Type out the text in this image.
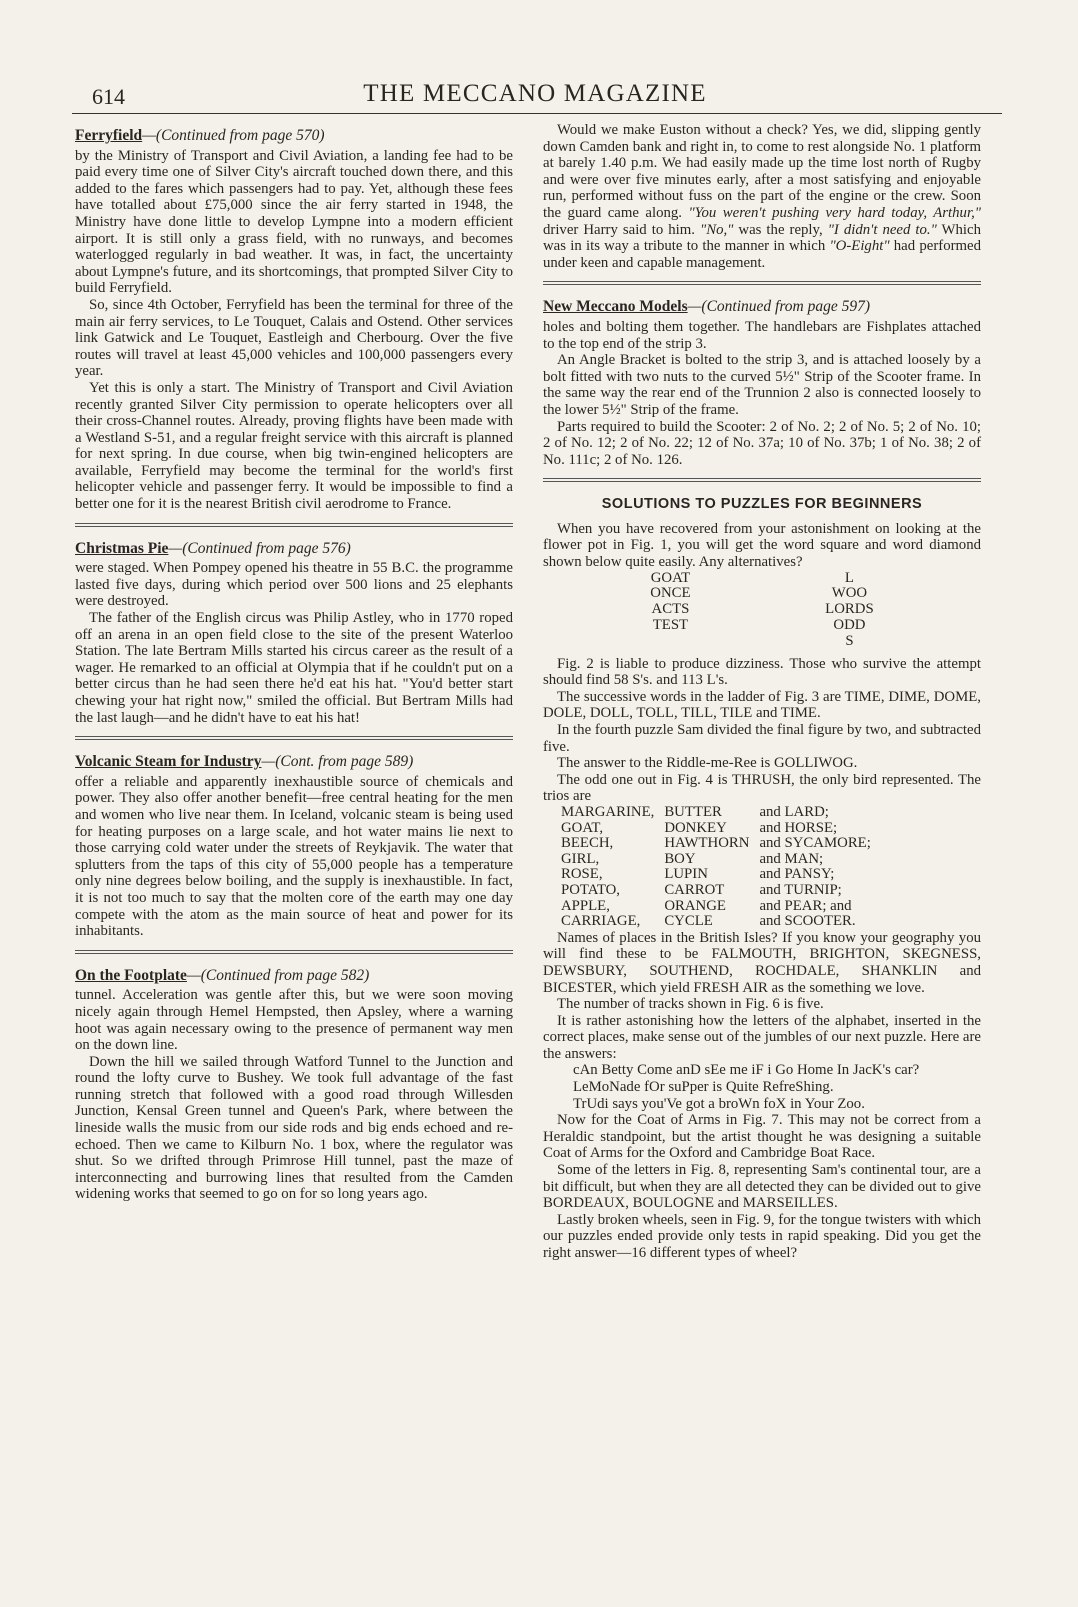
614	THE MECCANO MAGAZINE
Ferryfield—(Continued from page 570)

by the Ministry of Transport and Civil Aviation, a landing fee had to be paid every time one of Silver City's aircraft touched down there, and this added to the fares which passengers had to pay. Yet, although these fees have totalled about £75,000 since the air ferry started in 1948, the Ministry have done little to develop Lympne into a modern efficient airport. It is still only a grass field, with no runways, and becomes waterlogged regularly in bad weather. It was, in fact, the uncertainty about Lympne's future, and its shortcomings, that prompted Silver City to build Ferryfield.

So, since 4th October, Ferryfield has been the terminal for three of the main air ferry services, to Le Touquet, Calais and Ostend. Other services link Gatwick and Le Touquet, Eastleigh and Cherbourg. Over the five routes will travel at least 45,000 vehicles and 100,000 passengers every year.

Yet this is only a start. The Ministry of Transport and Civil Aviation recently granted Silver City permission to operate helicopters over all their cross-Channel routes. Already, proving flights have been made with a Westland S-51, and a regular freight service with this aircraft is planned for next spring. In due course, when big twin-engined helicopters are available, Ferryfield may become the terminal for the world's first helicopter vehicle and passenger ferry. It would be impossible to find a better one for it is the nearest British civil aerodrome to France.

Christmas Pie—(Continued from page 576)

were staged. When Pompey opened his theatre in 55 B.C. the programme lasted five days, during which period over 500 lions and 25 elephants were destroyed.

The father of the English circus was Philip Astley, who in 1770 roped off an arena in an open field close to the site of the present Waterloo Station. The late Bertram Mills started his circus career as the result of a wager. He remarked to an official at Olympia that if he couldn't put on a better circus than he had seen there he'd eat his hat. "You'd better start chewing your hat right now," smiled the official. But Bertram Mills had the last laugh—and he didn't have to eat his hat!

Volcanic Steam for Industry—(Cont. from page 589)

offer a reliable and apparently inexhaustible source of chemicals and power. They also offer another benefit—free central heating for the men and women who live near them. In Iceland, volcanic steam is being used for heating purposes on a large scale, and hot water mains lie next to those carrying cold water under the streets of Reykjavik. The water that splutters from the taps of this city of 55,000 people has a temperature only nine degrees below boiling, and the supply is inexhaustible. In fact, it is not too much to say that the molten core of the earth may one day compete with the atom as the main source of heat and power for its inhabitants.

On the Footplate—(Continued from page 582)

tunnel. Acceleration was gentle after this, but we were soon moving nicely again through Hemel Hempsted, then Apsley, where a warning hoot was again necessary owing to the presence of permanent way men on the down line.

Down the hill we sailed through Watford Tunnel to the Junction and round the lofty curve to Bushey. We took full advantage of the fast running stretch that followed with a good road through Willesden Junction, Kensal Green tunnel and Queen's Park, where between the lineside walls the music from our side rods and big ends echoed and re-echoed. Then we came to Kilburn No. 1 box, where the regulator was shut. So we drifted through Primrose Hill tunnel, past the maze of interconnecting and burrowing lines that resulted from the Camden widening works that seemed to go on for so long years ago.

Would we make Euston without a check? Yes, we did, slipping gently down Camden bank and right in, to come to rest alongside No. 1 platform at barely 1.40 p.m. We had easily made up the time lost north of Rugby and were over five minutes early, after a most satisfying and enjoyable run, performed without fuss on the part of the engine or the crew. Soon the guard came along. "You weren't pushing very hard today, Arthur," driver Harry said to him. "No," was the reply, "I didn't need to." Which was in its way a tribute to the manner in which "O-Eight" had performed under keen and capable management.

New Meccano Models—(Continued from page 597)

holes and bolting them together. The handlebars are Fishplates attached to the top end of the strip 3.

An Angle Bracket is bolted to the strip 3, and is attached loosely by a bolt fitted with two nuts to the curved 5½" Strip of the Scooter frame. In the same way the rear end of the Trunnion 2 also is connected loosely to the lower 5½" Strip of the frame.

Parts required to build the Scooter: 2 of No. 2; 2 of No. 5; 2 of No. 10; 2 of No. 12; 2 of No. 22; 12 of No. 37a; 10 of No. 37b; 1 of No. 38; 2 of No. 111c; 2 of No. 126.

SOLUTIONS TO PUZZLES FOR BEGINNERS

When you have recovered from your astonishment on looking at the flower pot in Fig. 1, you will get the word square and word diamond shown below quite easily. Any alternatives?

GOAT
ONCE
ACTS
TEST
L
WOO
LORDS
ODD
S

Fig. 2 is liable to produce dizziness. Those who survive the attempt should find 58 S's. and 113 L's.

The successive words in the ladder of Fig. 3 are TIME, DIME, DOME, DOLE, DOLL, TOLL, TILL, TILE and TIME.

In the fourth puzzle Sam divided the final figure by two, and subtracted five.

The answer to the Riddle-me-Ree is GOLLIWOG.

The odd one out in Fig. 4 is THRUSH, the only bird represented. The trios are

MARGARINE,	BUTTER	and LARD;
GOAT,	DONKEY	and HORSE;
BEECH,	HAWTHORN	and SYCAMORE;
GIRL,	BOY	and MAN;
ROSE,	LUPIN	and PANSY;
POTATO,	CARROT	and TURNIP;
APPLE,	ORANGE	and PEAR; and
CARRIAGE,	CYCLE	and SCOOTER.

Names of places in the British Isles? If you know your geography you will find these to be FALMOUTH, BRIGHTON, SKEGNESS, DEWSBURY, SOUTHEND, ROCHDALE, SHANKLIN and BICESTER, which yield FRESH AIR as the something we love.

The number of tracks shown in Fig. 6 is five.

It is rather astonishing how the letters of the alphabet, inserted in the correct places, make sense out of the jumbles of our next puzzle. Here are the answers:

cAn Betty Come anD sEe me iF i Go Home In JacK's car?

LeMoNade fOr suPper is Quite RefreShing.

TrUdi says you'Ve got a broWn foX in Your Zoo.

Now for the Coat of Arms in Fig. 7. This may not be correct from a Heraldic standpoint, but the artist thought he was designing a suitable Coat of Arms for the Oxford and Cambridge Boat Race.

Some of the letters in Fig. 8, representing Sam's continental tour, are a bit difficult, but when they are all detected they can be divided out to give BORDEAUX, BOULOGNE and MARSEILLES.

Lastly broken wheels, seen in Fig. 9, for the tongue twisters with which our puzzles ended provide only tests in rapid speaking. Did you get the right answer—16 different types of wheel?
